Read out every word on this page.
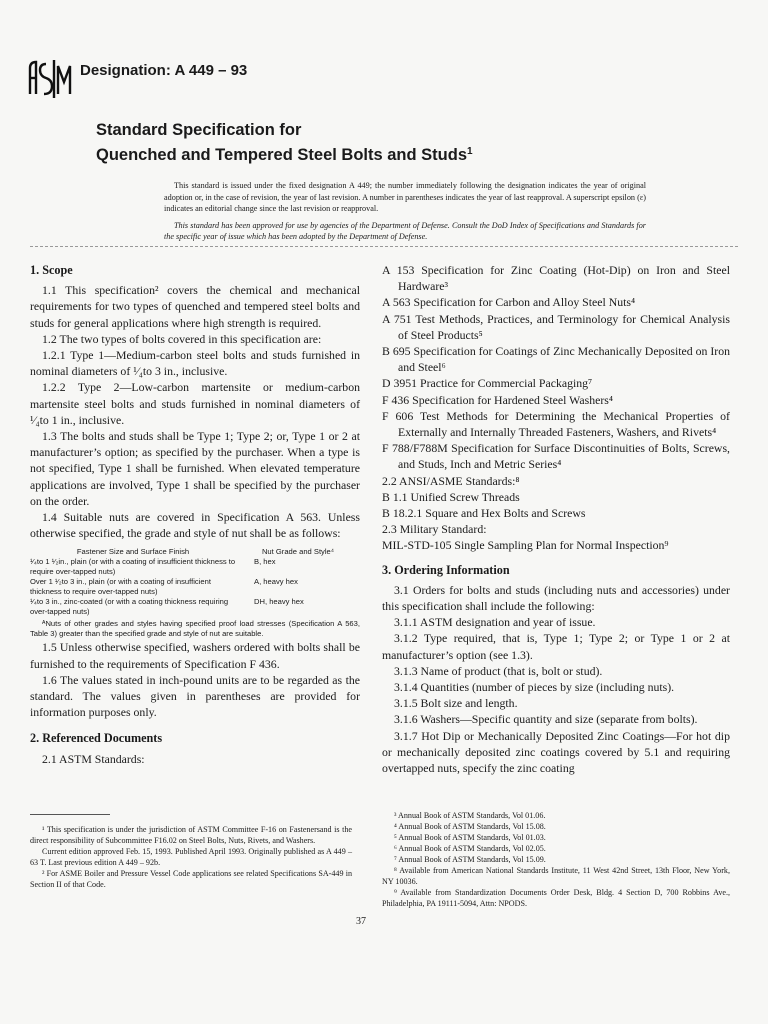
Designation: A 449 – 93
Standard Specification for
Quenched and Tempered Steel Bolts and Studs$^1$

This standard is issued under the fixed designation A 449; the number immediately following the designation indicates the year of original adoption or, in the case of revision, the year of last revision. A number in parentheses indicates the year of last reapproval. A superscript epsilon (ε) indicates an editorial change since the last revision or reapproval.

This standard has been approved for use by agencies of the Department of Defense. Consult the DoD Index of Specifications and Standards for the specific year of issue which has been adopted by the Department of Defense.

1. Scope

1.1 This specification² covers the chemical and mechanical requirements for two types of quenched and tempered steel bolts and studs for general applications where high strength is required.

1.2 The two types of bolts covered in this specification are:

1.2.1 Type 1—Medium-carbon steel bolts and studs furnished in nominal diameters of ¹⁄₄to 3 in., inclusive.

1.2.2 Type 2—Low-carbon martensite or medium-carbon martensite steel bolts and studs furnished in nominal diameters of ¹⁄₄to 1 in., inclusive.

1.3 The bolts and studs shall be Type 1; Type 2; or, Type 1 or 2 at manufacturer’s option; as specified by the purchaser. When a type is not specified, Type 1 shall be furnished. When elevated temperature applications are involved, Type 1 shall be specified by the purchaser on the order.

1.4 Suitable nuts are covered in Specification A 563. Unless otherwise specified, the grade and style of nut shall be as follows:

Fastener Size and Surface Finish	Nut Grade and Style⁴
¹⁄₄to 1 ¹⁄₂in., plain (or with a coating of insufficient thickness to require over-tapped nuts)
B, hex
Over 1 ¹⁄₂to 3 in., plain (or with a coating of insufficient thickness to require over-tapped nuts)
A, heavy hex
¹⁄₄to 3 in., zinc-coated (or with a coating thickness requiring over-tapped nuts)
DH, heavy hex

ᴬNuts of other grades and styles having specified proof load stresses (Specification A 563, Table 3) greater than the specified grade and style of nut are suitable.

1.5 Unless otherwise specified, washers ordered with bolts shall be furnished to the requirements of Specification F 436.

1.6 The values stated in inch-pound units are to be regarded as the standard. The values given in parentheses are provided for information purposes only.

2. Referenced Documents

2.1 ASTM Standards:

A 153 Specification for Zinc Coating (Hot-Dip) on Iron and Steel Hardware³

A 563 Specification for Carbon and Alloy Steel Nuts⁴

A 751 Test Methods, Practices, and Terminology for Chemical Analysis of Steel Products⁵

B 695 Specification for Coatings of Zinc Mechanically Deposited on Iron and Steel⁶

D 3951 Practice for Commercial Packaging⁷

F 436 Specification for Hardened Steel Washers⁴

F 606 Test Methods for Determining the Mechanical Properties of Externally and Internally Threaded Fasteners, Washers, and Rivets⁴

F 788/F788M Specification for Surface Discontinuities of Bolts, Screws, and Studs, Inch and Metric Series⁴

2.2 ANSI/ASME Standards:⁸

B 1.1 Unified Screw Threads

B 18.2.1 Square and Hex Bolts and Screws

2.3 Military Standard:

MIL-STD-105 Single Sampling Plan for Normal Inspection⁹

3. Ordering Information

3.1 Orders for bolts and studs (including nuts and accessories) under this specification shall include the following:

3.1.1 ASTM designation and year of issue.

3.1.2 Type required, that is, Type 1; Type 2; or Type 1 or 2 at manufacturer’s option (see 1.3).

3.1.3 Name of product (that is, bolt or stud).

3.1.4 Quantities (number of pieces by size (including nuts).

3.1.5 Bolt size and length.

3.1.6 Washers—Specific quantity and size (separate from bolts).

3.1.7 Hot Dip or Mechanically Deposited Zinc Coatings—For hot dip or mechanically deposited zinc coatings covered by 5.1 and requiring overtapped nuts, specify the zinc coating

¹ This specification is under the jurisdiction of ASTM Committee F-16 on Fastenersand is the direct responsibility of Subcommittee F16.02 on Steel Bolts, Nuts, Rivets, and Washers.

Current edition approved Feb. 15, 1993. Published April 1993. Originally published as A 449 – 63 T. Last previous edition A 449 – 92b.

² For ASME Boiler and Pressure Vessel Code applications see related Specifications SA-449 in Section II of that Code.

³ Annual Book of ASTM Standards, Vol 01.06.

⁴ Annual Book of ASTM Standards, Vol 15.08.

⁵ Annual Book of ASTM Standards, Vol 01.03.

⁶ Annual Book of ASTM Standards, Vol 02.05.

⁷ Annual Book of ASTM Standards, Vol 15.09.

⁸ Available from American National Standards Institute, 11 West 42nd Street, 13th Floor, New York, NY 10036.

⁹ Available from Standardization Documents Order Desk, Bldg. 4 Section D, 700 Robbins Ave., Philadelphia, PA 19111-5094, Attn: NPODS.

37
